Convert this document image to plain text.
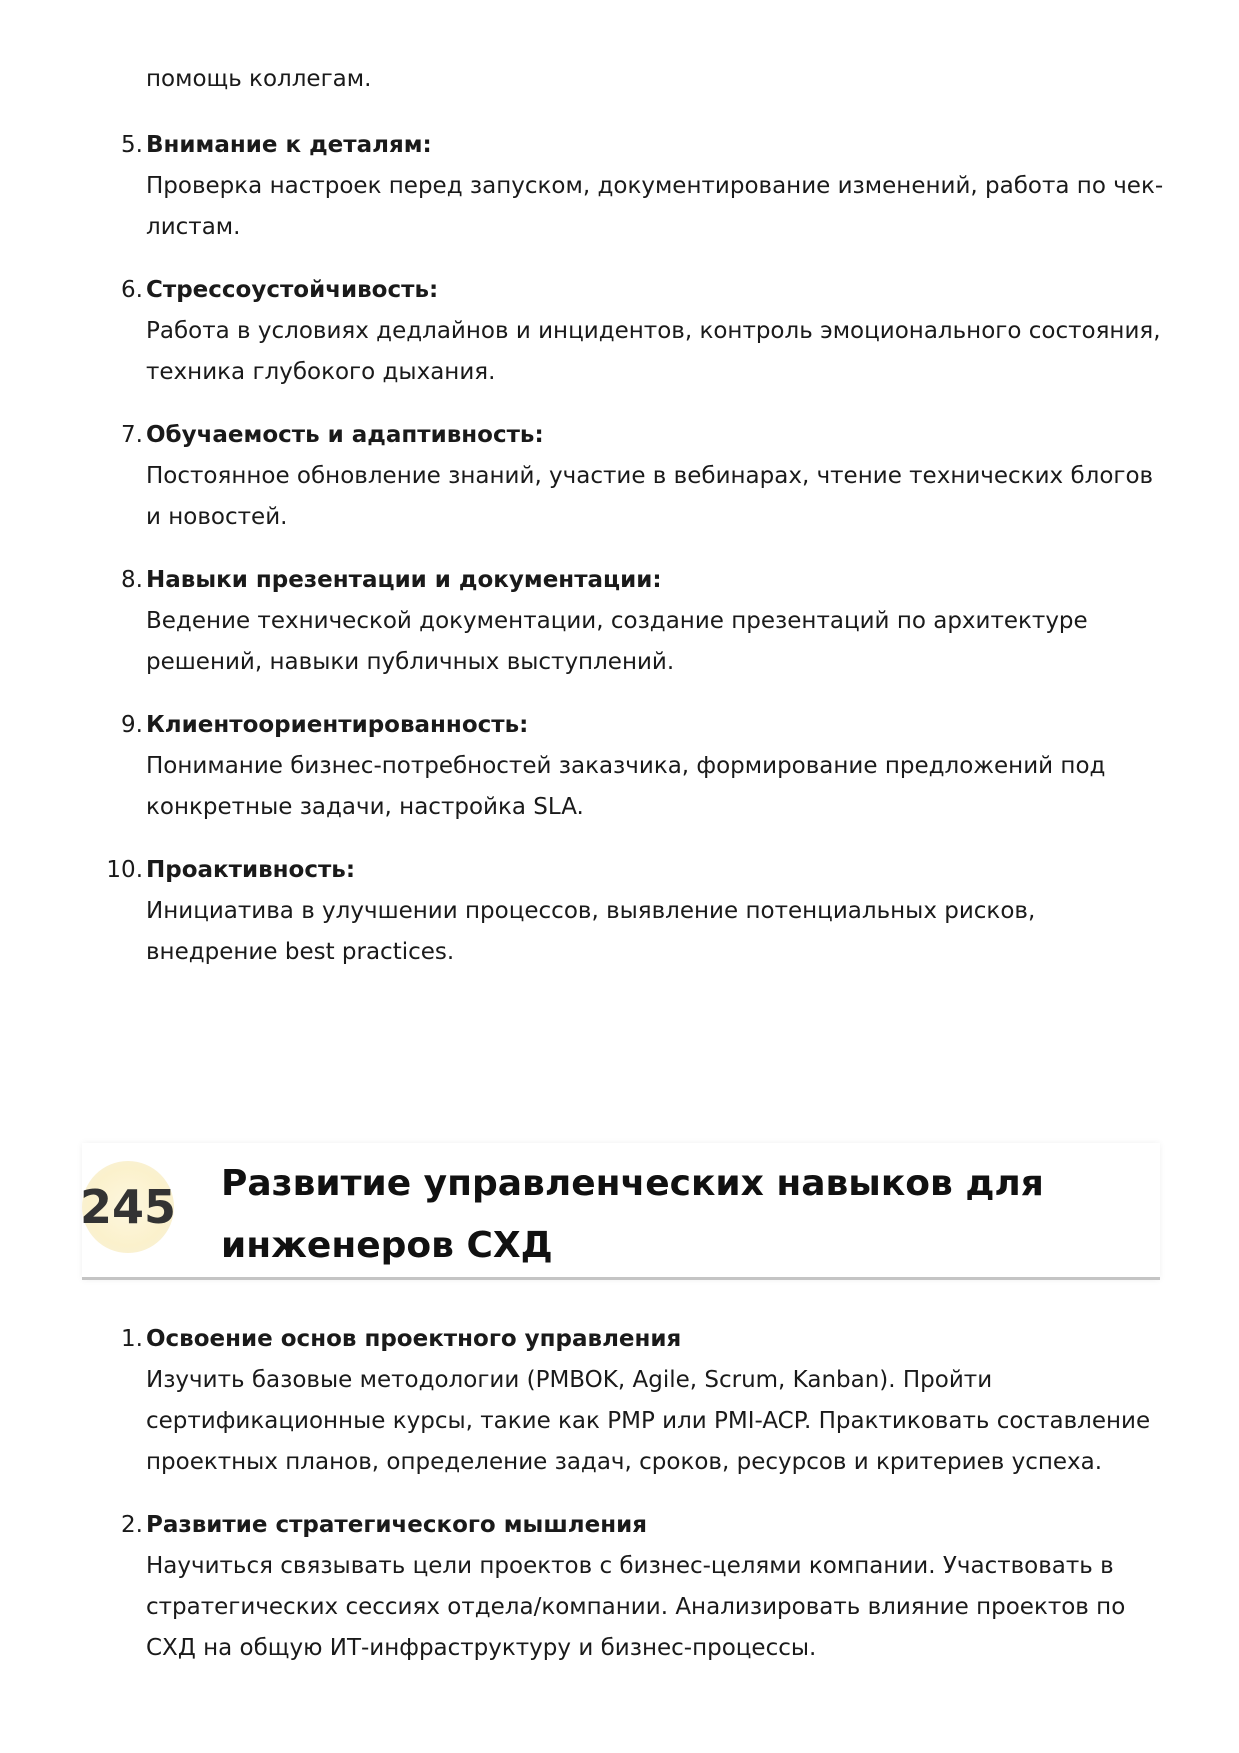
помощь коллегам.
5. Внимание к деталям:
Проверка настроек перед запуском, документирование изменений, работа по чек-листам.
6. Стрессоустойчивость:
Работа в условиях дедлайнов и инцидентов, контроль эмоционального состояния, техника глубокого дыхания.
7. Обучаемость и адаптивность:
Постоянное обновление знаний, участие в вебинарах, чтение технических блогов и новостей.
8. Навыки презентации и документации:
Ведение технической документации, создание презентаций по архитектуре решений, навыки публичных выступлений.
9. Клиентоориентированность:
Понимание бизнес-потребностей заказчика, формирование предложений под конкретные задачи, настройка SLA.
10. Проактивность:
Инициатива в улучшении процессов, выявление потенциальных рисков, внедрение best practices.
245 Развитие управленческих навыков для инженеров СХД
1. Освоение основ проектного управления
Изучить базовые методологии (PMBOK, Agile, Scrum, Kanban). Пройти сертификационные курсы, такие как PMP или PMI-ACP. Практиковать составление проектных планов, определение задач, сроков, ресурсов и критериев успеха.
2. Развитие стратегического мышления
Научиться связывать цели проектов с бизнес-целями компании. Участвовать в стратегических сессиях отдела/компании. Анализировать влияние проектов по СХД на общую ИТ-инфраструктуру и бизнес-процессы.
